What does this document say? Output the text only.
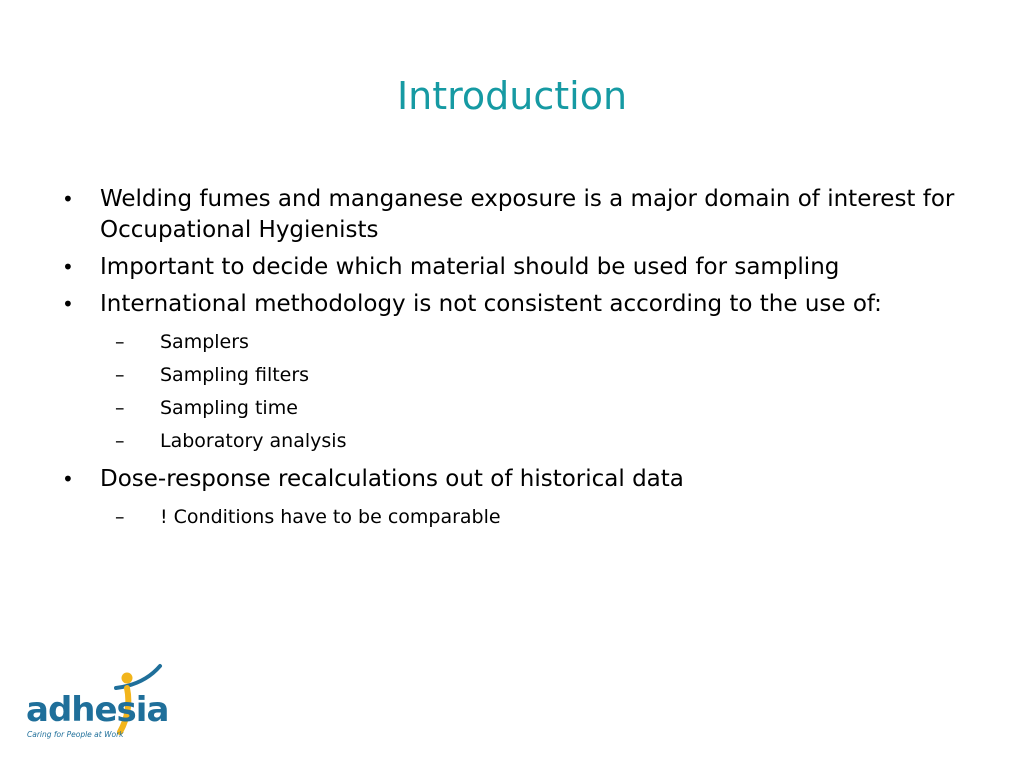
Introduction
• Welding fumes and manganese exposure is a major domain of interest for Occupational Hygienists
• Important to decide which material should be used for sampling
• International methodology is not consistent according to the use of:
– Samplers
– Sampling filters
– Sampling time
– Laboratory analysis
• Dose-response recalculations out of historical data
– ! Conditions have to be comparable
adhesia
Caring for People at Work
